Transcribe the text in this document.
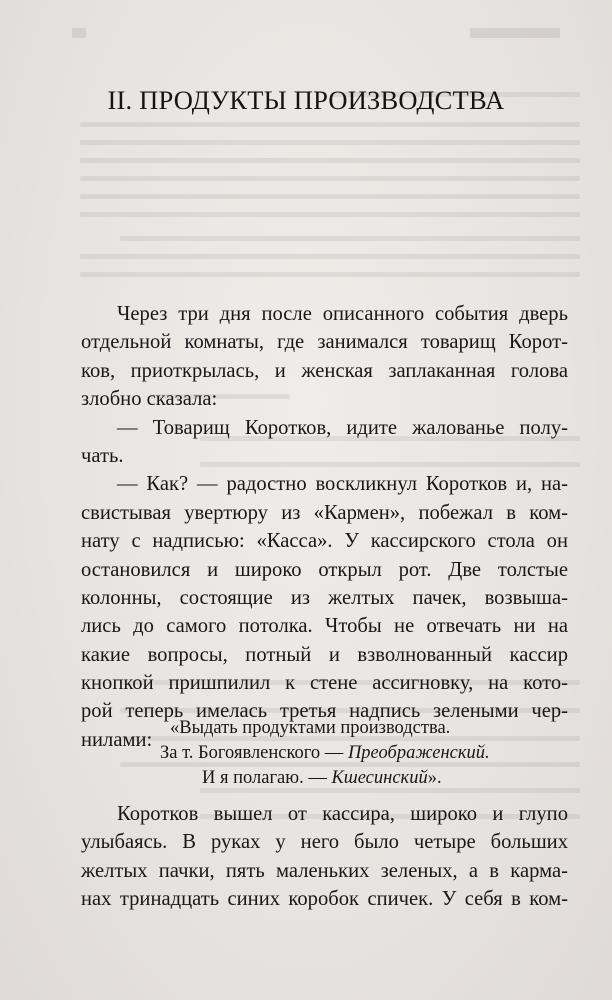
II. ПРОДУКТЫ ПРОИЗВОДСТВА
Через три дня после описанного события дверь
отдельной комнаты, где занимался товарищ Корот-
ков, приоткрылась, и женская заплаканная голова
злобно сказала:
— Товарищ Коротков, идите жалованье полу-
чать.
— Как? — радостно воскликнул Коротков и, на-
свистывая увертюру из «Кармен», побежал в ком-
нату с надписью: «Касса». У кассирского стола он
остановился и широко открыл рот. Две толстые
колонны, состоящие из желтых пачек, возвыша-
лись до самого потолка. Чтобы не отвечать ни на
какие вопросы, потный и взволнованный кассир
кнопкой пришпилил к стене ассигновку, на кото-
рой теперь имелась третья надпись зелеными чер-
нилами:
«Выдать продуктами производства.
За т. Богоявленского — Преображенский.
И я полагаю. — Кшесинский».
Коротков вышел от кассира, широко и глупо
улыбаясь. В руках у него было четыре больших
желтых пачки, пять маленьких зеленых, а в карма-
нах тринадцать синих коробок спичек. У себя в ком-
